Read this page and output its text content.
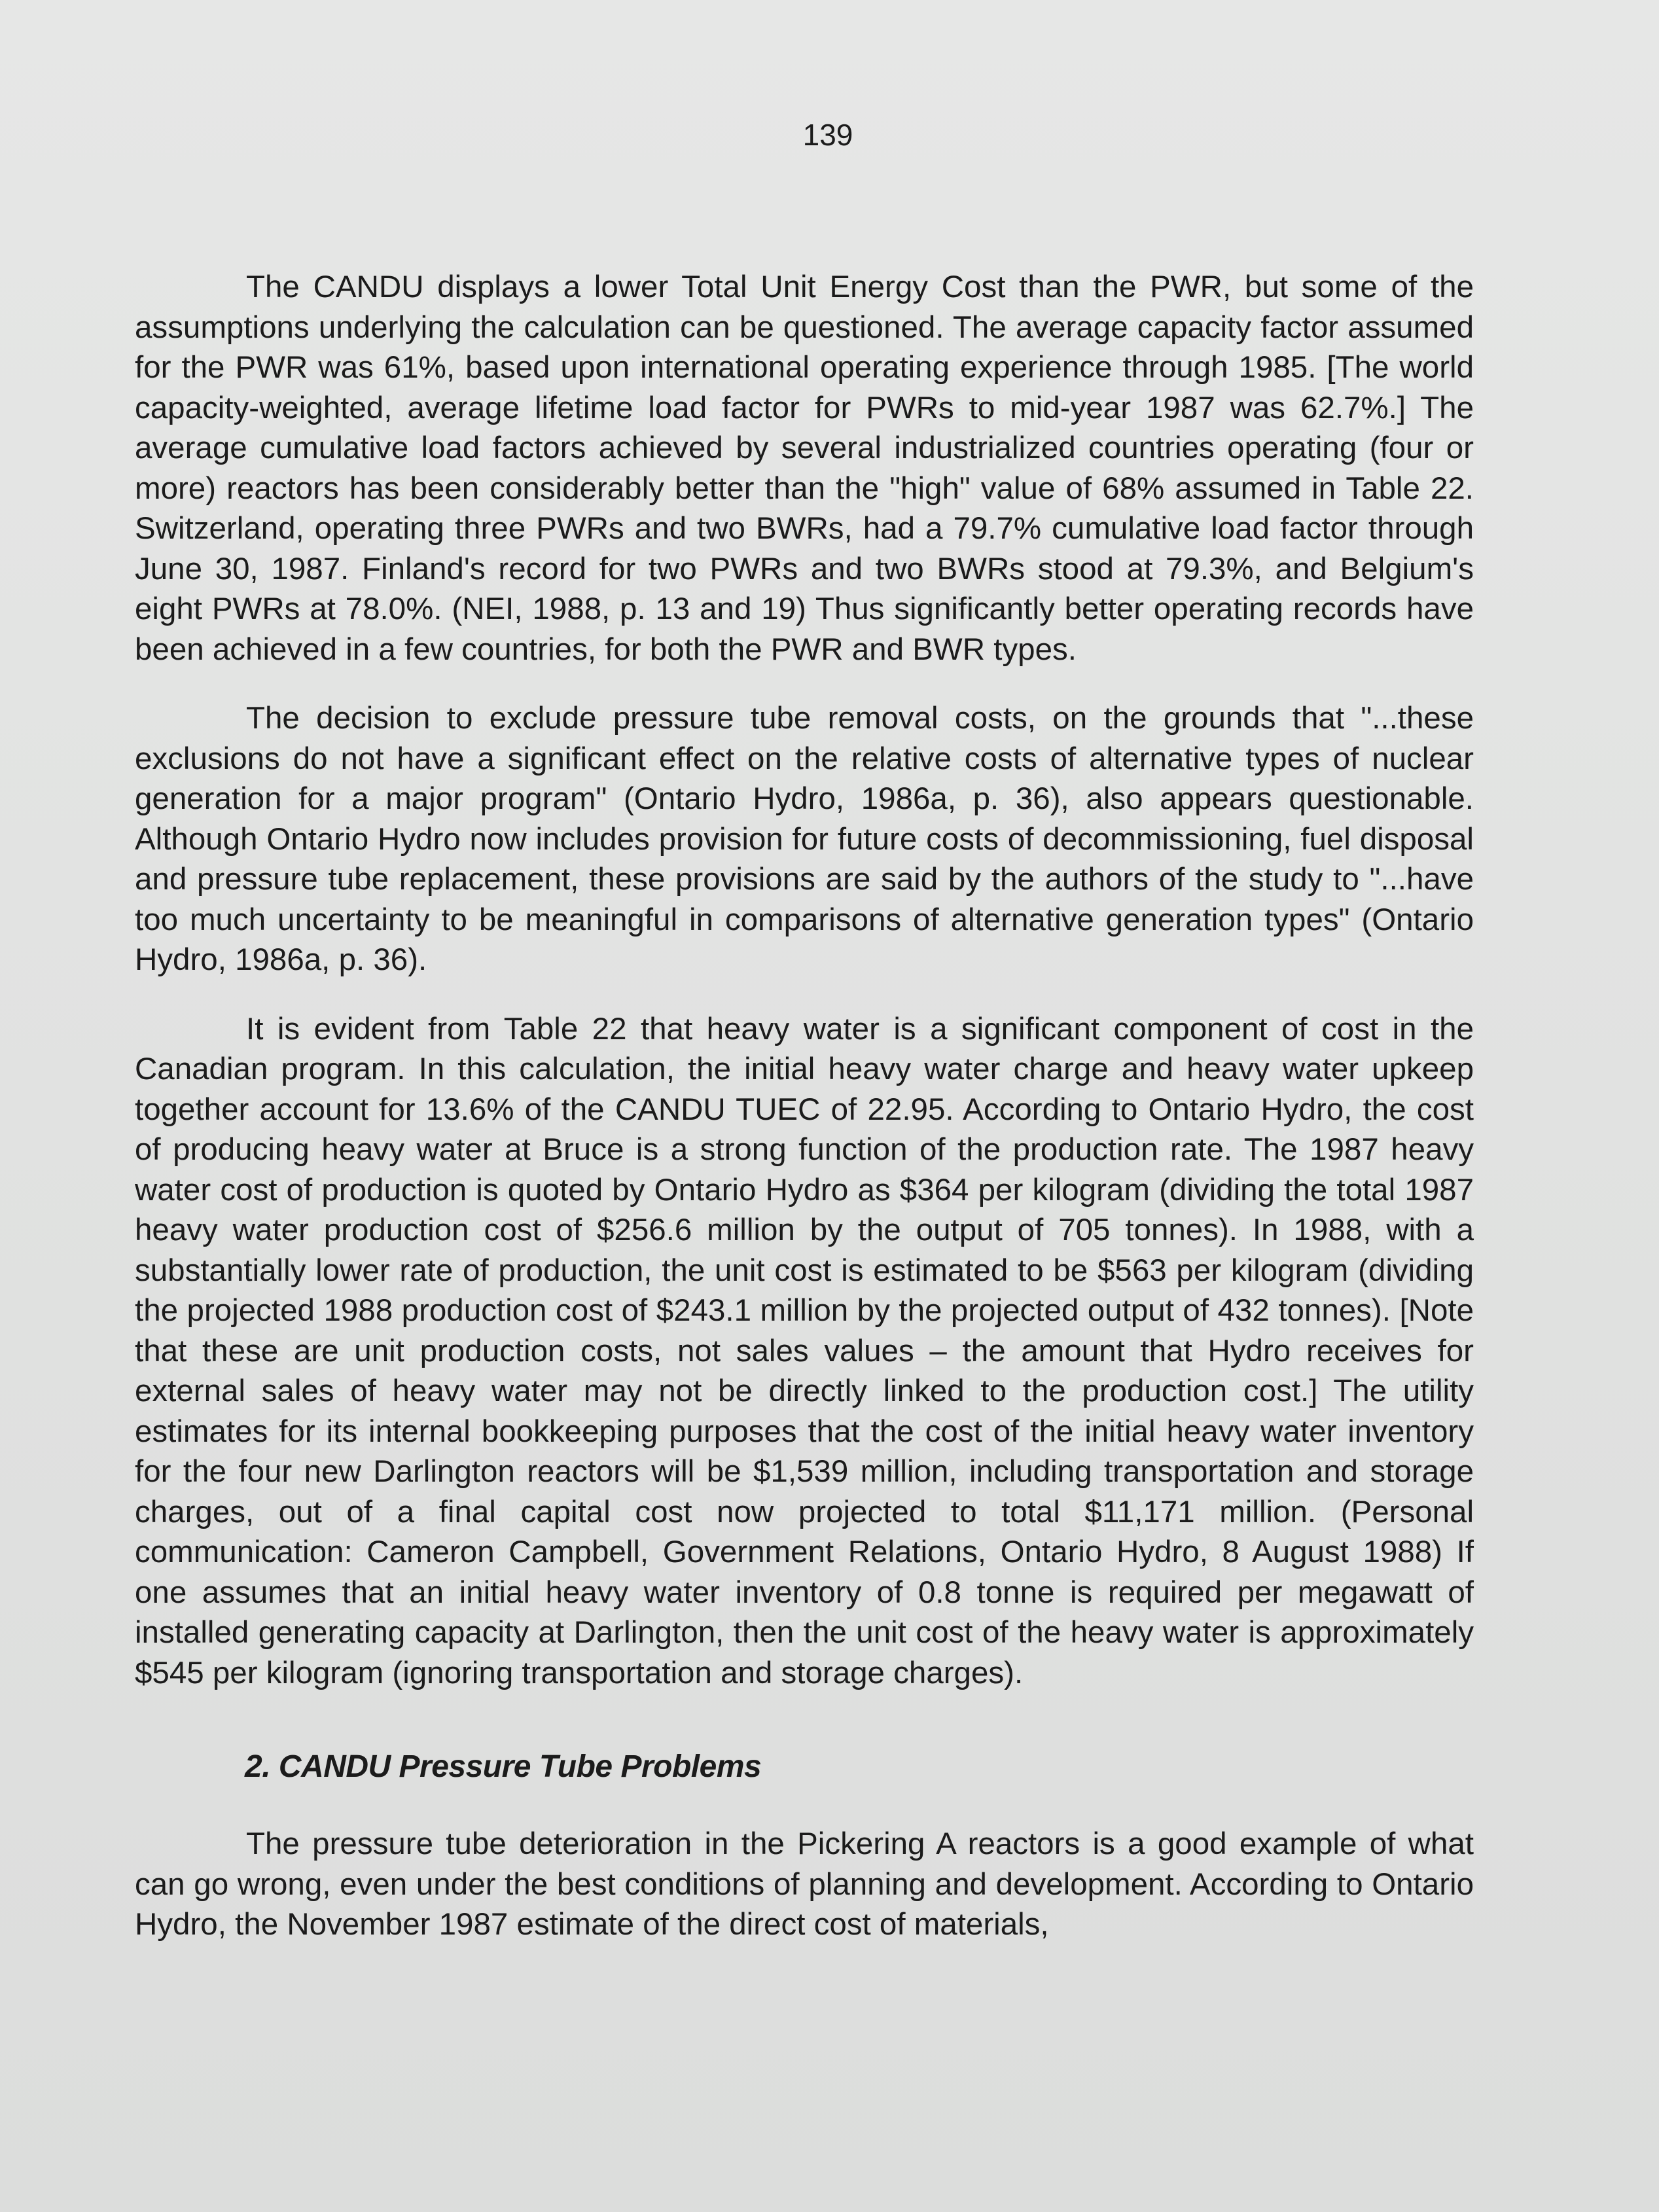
139

The CANDU displays a lower Total Unit Energy Cost than the PWR, but some of the assumptions underlying the calculation can be questioned. The average capacity factor assumed for the PWR was 61%, based upon international operating experience through 1985. [The world capacity-weighted, average lifetime load factor for PWRs to mid-year 1987 was 62.7%.] The average cumulative load factors achieved by several industrialized countries operating (four or more) reactors has been considerably better than the "high" value of 68% assumed in Table 22. Switzerland, operating three PWRs and two BWRs, had a 79.7% cumulative load factor through June 30, 1987. Finland's record for two PWRs and two BWRs stood at 79.3%, and Belgium's eight PWRs at 78.0%. (NEI, 1988, p. 13 and 19) Thus significantly better operating records have been achieved in a few countries, for both the PWR and BWR types.

The decision to exclude pressure tube removal costs, on the grounds that "...these exclusions do not have a significant effect on the relative costs of alternative types of nuclear generation for a major program" (Ontario Hydro, 1986a, p. 36), also appears questionable. Although Ontario Hydro now includes provision for future costs of decommissioning, fuel disposal and pressure tube replacement, these provisions are said by the authors of the study to "...have too much uncertainty to be meaningful in comparisons of alternative generation types" (Ontario Hydro, 1986a, p. 36).

It is evident from Table 22 that heavy water is a significant component of cost in the Canadian program. In this calculation, the initial heavy water charge and heavy water upkeep together account for 13.6% of the CANDU TUEC of 22.95. According to Ontario Hydro, the cost of producing heavy water at Bruce is a strong function of the production rate. The 1987 heavy water cost of production is quoted by Ontario Hydro as $364 per kilogram (dividing the total 1987 heavy water production cost of $256.6 million by the output of 705 tonnes). In 1988, with a substantially lower rate of production, the unit cost is estimated to be $563 per kilogram (dividing the projected 1988 production cost of $243.1 million by the projected output of 432 tonnes). [Note that these are unit production costs, not sales values – the amount that Hydro receives for external sales of heavy water may not be directly linked to the production cost.] The utility estimates for its internal bookkeeping purposes that the cost of the initial heavy water inventory for the four new Darlington reactors will be $1,539 million, including transportation and storage charges, out of a final capital cost now projected to total $11,171 million. (Personal communication: Cameron Campbell, Government Relations, Ontario Hydro, 8 August 1988) If one assumes that an initial heavy water inventory of 0.8 tonne is required per megawatt of installed generating capacity at Darlington, then the unit cost of the heavy water is approximately $545 per kilogram (ignoring transportation and storage charges).

2. CANDU Pressure Tube Problems

The pressure tube deterioration in the Pickering A reactors is a good example of what can go wrong, even under the best conditions of planning and development. According to Ontario Hydro, the November 1987 estimate of the direct cost of materials,
